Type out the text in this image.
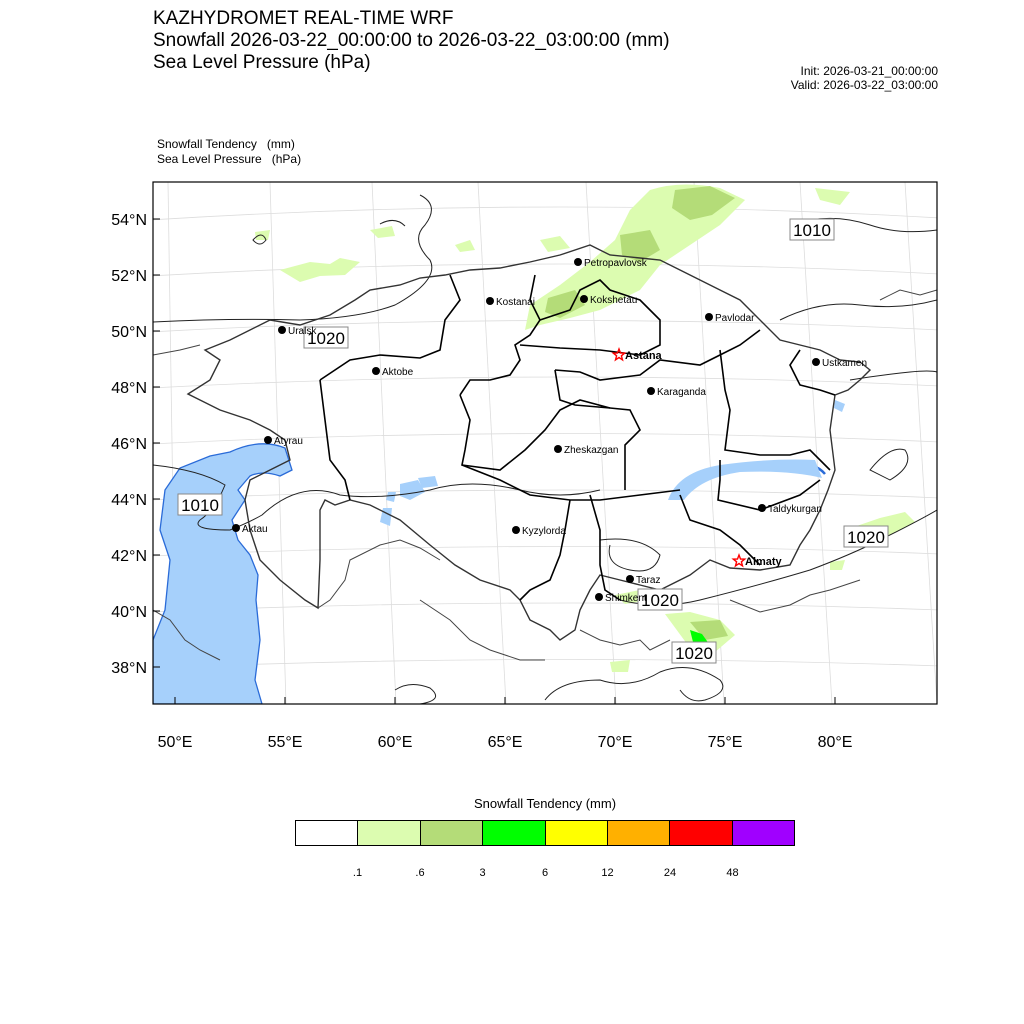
KAZHYDROMET REAL-TIME WRF
Snowfall 2026-03-22_00:00:00 to 2026-03-22_03:00:00 (mm)
Sea Level Pressure (hPa)	Init: 2026-03-21_00:00:00
Valid: 2026-03-22_03:00:00
Snowfall Tendency   (mm)
Sea Level Pressure   (hPa)
54°N
52°N
50°N
48°N
46°N
44°N
42°N
40°N
38°N
50°E	55°E	60°E	65°E	70°E	75°E	80°E
1010
1020
1010
1020
1020
1020
Petropavlovsk
Kostanai	Kokshetau
Pavlodar
Uralsk
Astana
Aktobe
Ustkamen
Karaganda
Atyrau
Zheskazgan
Aktau	Kyzylorda
Taldykurgan
Almaty
Taraz
Shimkent
Snowfall Tendency (mm)
.1	.6	3	6	12	24	48
